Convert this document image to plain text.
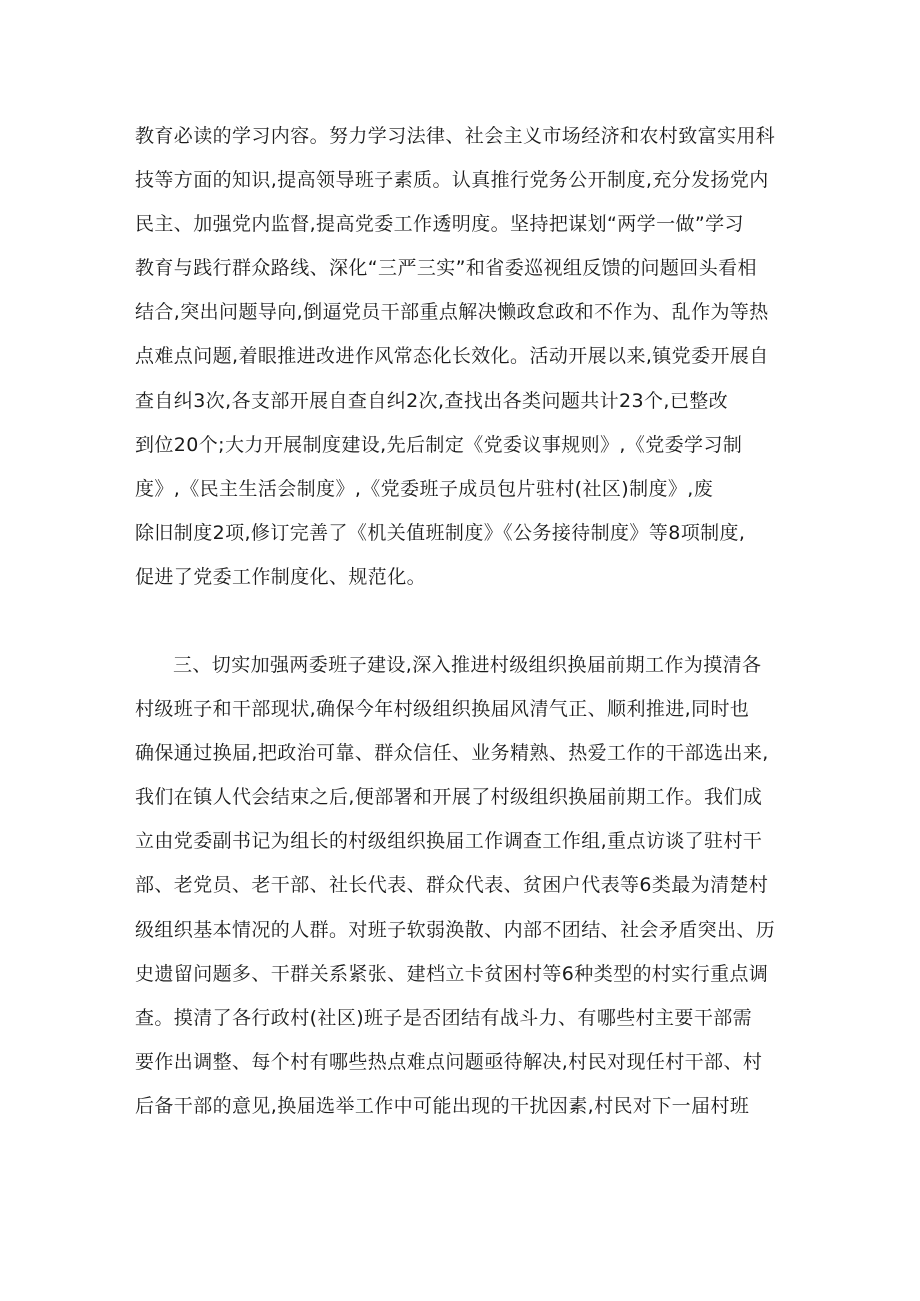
教育必读的学习内容。努力学习法律、社会主义市场经济和农村致富实用科
技等方面的知识,提高领导班子素质。认真推行党务公开制度,充分发扬党内
民主、加强党内监督,提高党委工作透明度。坚持把谋划“两学一做”学习
教育与践行群众路线、深化“三严三实”和省委巡视组反馈的问题回头看相
结合,突出问题导向,倒逼党员干部重点解决懒政怠政和不作为、乱作为等热
点难点问题,着眼推进改进作风常态化长效化。活动开展以来,镇党委开展自
查自纠3次,各支部开展自查自纠2次,查找出各类问题共计23个,已整改
到位20个;大力开展制度建设,先后制定《党委议事规则》,《党委学习制
度》,《民主生活会制度》,《党委班子成员包片驻村(社区)制度》,废
除旧制度2项,修订完善了《机关值班制度》《公务接待制度》等8项制度,
促进了党委工作制度化、规范化。
三、切实加强两委班子建设,深入推进村级组织换届前期工作为摸清各
村级班子和干部现状,确保今年村级组织换届风清气正、顺利推进,同时也
确保通过换届,把政治可靠、群众信任、业务精熟、热爱工作的干部选出来,
我们在镇人代会结束之后,便部署和开展了村级组织换届前期工作。我们成
立由党委副书记为组长的村级组织换届工作调查工作组,重点访谈了驻村干
部、老党员、老干部、社长代表、群众代表、贫困户代表等6类最为清楚村
级组织基本情况的人群。对班子软弱涣散、内部不团结、社会矛盾突出、历
史遗留问题多、干群关系紧张、建档立卡贫困村等6种类型的村实行重点调
查。摸清了各行政村(社区)班子是否团结有战斗力、有哪些村主要干部需
要作出调整、每个村有哪些热点难点问题亟待解决,村民对现任村干部、村
后备干部的意见,换届选举工作中可能出现的干扰因素,村民对下一届村班
